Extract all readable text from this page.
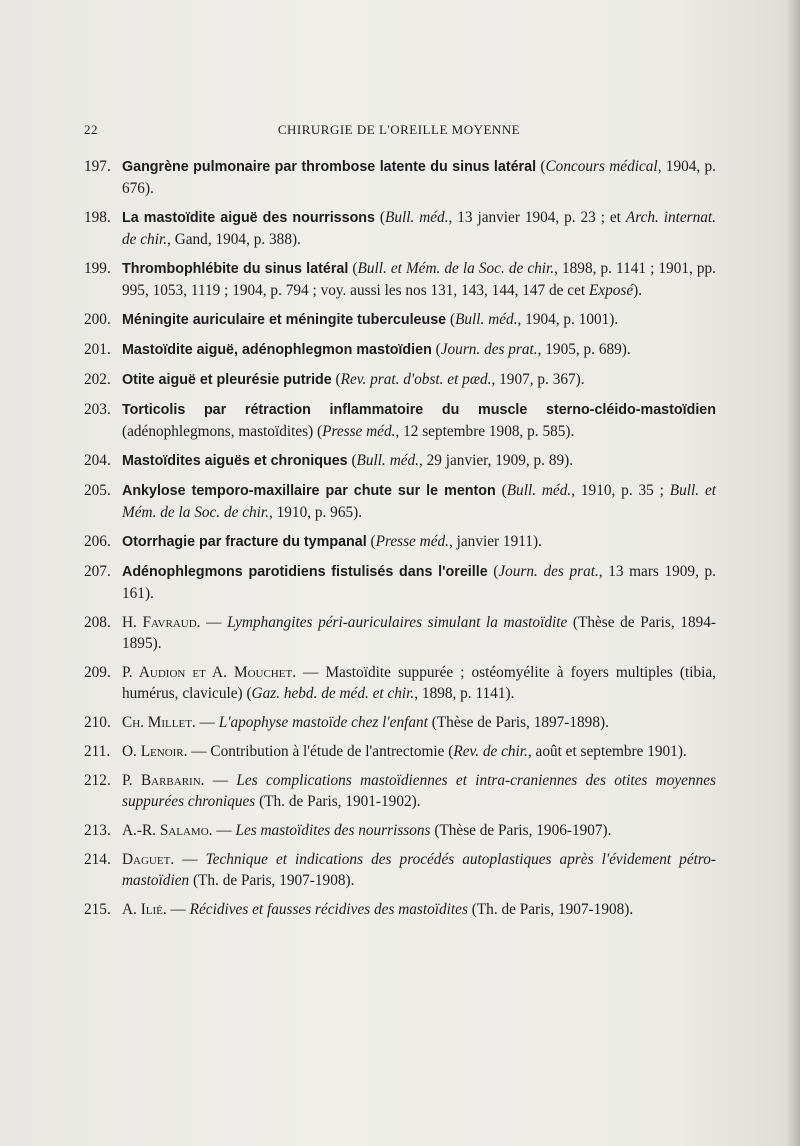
22	CHIRURGIE DE L'OREILLE MOYENNE
197. Gangrène pulmonaire par thrombose latente du sinus latéral (Concours médical, 1904, p. 676).
198. La mastoïdite aiguë des nourrissons (Bull. méd., 13 janvier 1904, p. 23 ; et Arch. internat. de chir., Gand, 1904, p. 388).
199. Thrombophlébite du sinus latéral (Bull. et Mém. de la Soc. de chir., 1898, p. 1141 ; 1901, pp. 995, 1053, 1119 ; 1904, p. 794 ; voy. aussi les nos 131, 143, 144, 147 de cet Exposé).
200. Méningite auriculaire et méningite tuberculeuse (Bull. méd., 1904, p. 1001).
201. Mastoïdite aiguë, adénophlegmon mastoïdien (Journ. des prat., 1905, p. 689).
202. Otite aiguë et pleurésie putride (Rev. prat. d'obst. et pæd., 1907, p. 367).
203. Torticolis par rétraction inflammatoire du muscle sterno-cléido-mastoïdien (adénophlegmons, mastoïdites) (Presse méd., 12 septembre 1908, p. 585).
204. Mastoïdites aiguës et chroniques (Bull. méd., 29 janvier, 1909, p. 89).
205. Ankylose temporo-maxillaire par chute sur le menton (Bull. méd., 1910, p. 35 ; Bull. et Mém. de la Soc. de chir., 1910, p. 965).
206. Otorrhagie par fracture du tympanal (Presse méd., janvier 1911).
207. Adénophlegmons parotidiens fistulisés dans l'oreille (Journ. des prat., 13 mars 1909, p. 161).
208. H. Favraud. — Lymphangites péri-auriculaires simulant la mastoïdite (Thèse de Paris, 1894-1895).
209. P. Audion et A. Mouchet. — Mastoïdite suppurée ; ostéomyélite à foyers multiples (tibia, humérus, clavicule) (Gaz. hebd. de méd. et chir., 1898, p. 1141).
210. Ch. Millet. — L'apophyse mastoïde chez l'enfant (Thèse de Paris, 1897-1898).
211. O. Lenoir. — Contribution à l'étude de l'antrectomie (Rev. de chir., août et septembre 1901).
212. P. Barbarin. — Les complications mastoïdiennes et intra-craniennes des otites moyennes suppurées chroniques (Th. de Paris, 1901-1902).
213. A.-R. Salamo. — Les mastoïdites des nourrissons (Thèse de Paris, 1906-1907).
214. Daguet. — Technique et indications des procédés autoplastiques après l'évidement pétro-mastoïdien (Th. de Paris, 1907-1908).
215. A. Ilié. — Récidives et fausses récidives des mastoïdites (Th. de Paris, 1907-1908).
